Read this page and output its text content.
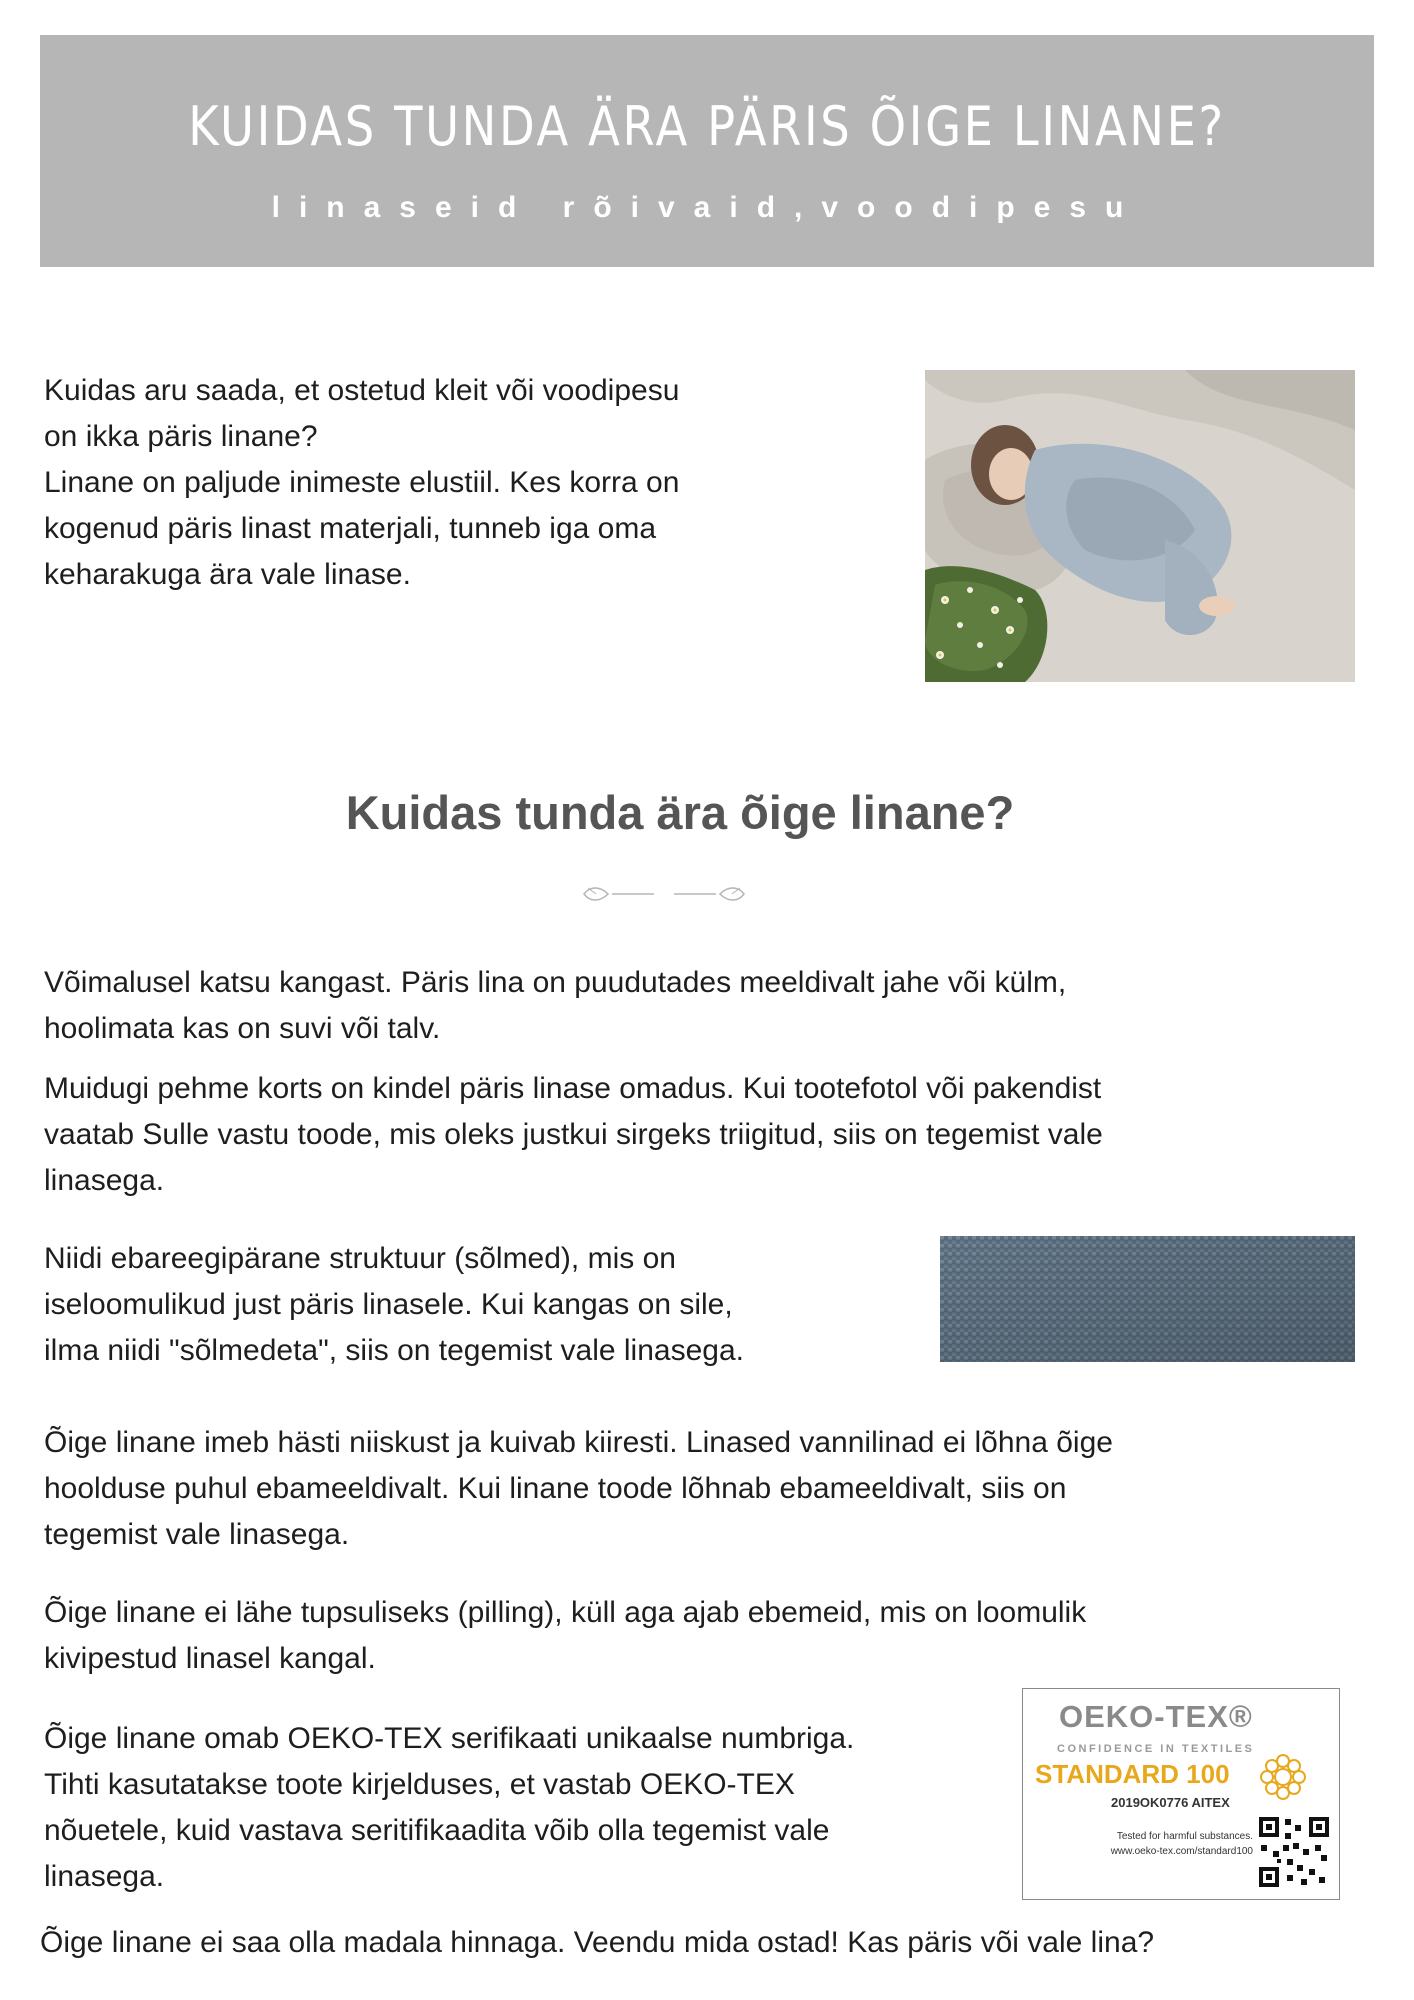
KUIDAS TUNDA ÄRA PÄRIS ÕIGE LINANE?
linaseid rõivaid,voodipesu

Kuidas aru saada, et ostetud kleit või voodipesu
on ikka päris linane?
Linane on paljude inimeste elustiil. Kes korra on
kogenud päris linast materjali, tunneb iga oma
keharakuga ära vale linase.

Kuidas tunda ära õige linane?

Võimalusel katsu kangast. Päris lina on puudutades meeldivalt jahe või külm,
hoolimata kas on suvi või talv.

Muidugi pehme korts on kindel päris linase omadus. Kui tootefotol või pakendist
vaatab Sulle vastu toode, mis oleks justkui sirgeks triigitud, siis on tegemist vale
linasega.

Niidi ebareegipärane struktuur (sõlmed), mis on
iseloomulikud just päris linasele. Kui kangas on sile,
ilma niidi "sõlmedeta", siis on tegemist vale linasega.

Õige linane imeb hästi niiskust ja kuivab kiiresti. Linased vannilinad ei lõhna õige
hoolduse puhul ebameeldivalt. Kui linane toode lõhnab ebameeldivalt, siis on
tegemist vale linasega.

Õige linane ei lähe tupsuliseks (pilling), küll aga ajab ebemeid, mis on loomulik
kivipestud linasel kangal.

Õige linane omab OEKO-TEX serifikaati unikaalse numbriga.
Tihti kasutatakse toote kirjelduses, et vastab OEKO-TEX
nõuetele, kuid vastava seritifikaadita võib olla tegemist vale
linasega.

OEKO-TEX®
CONFIDENCE IN TEXTILES
STANDARD 100
2019OK0776 AITEX
Tested for harmful substances.
www.oeko-tex.com/standard100

Õige linane ei saa olla madala hinnaga. Veendu mida ostad! Kas päris või vale lina?
